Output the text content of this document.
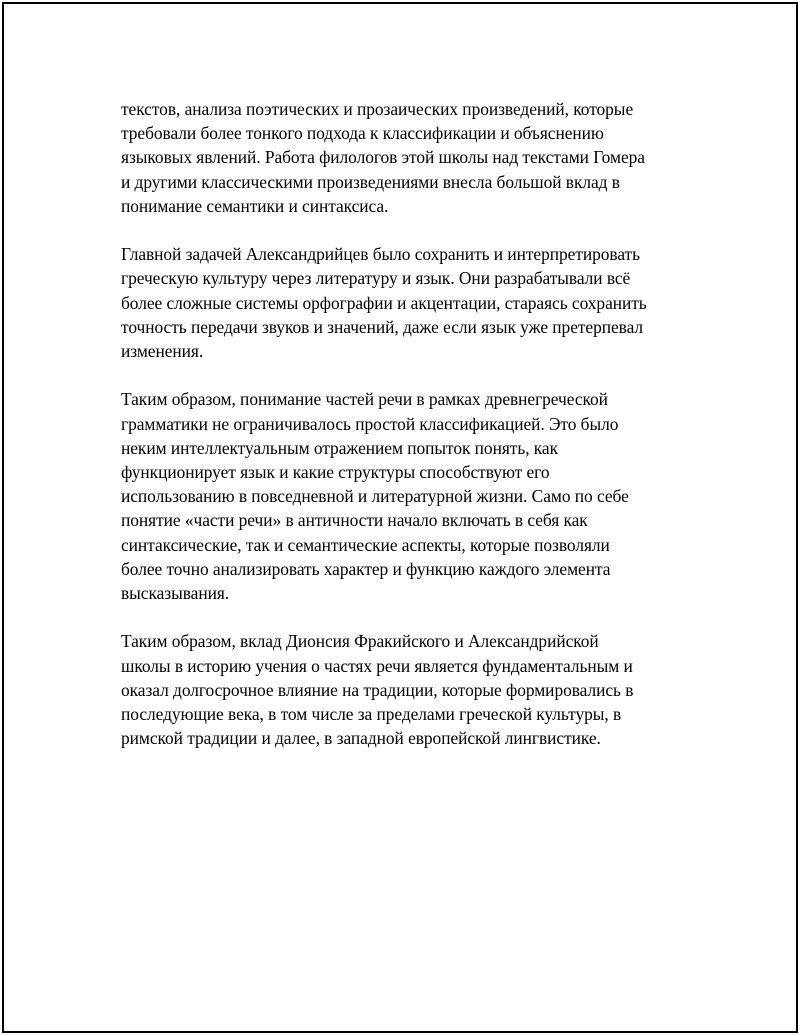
текстов, анализа поэтических и прозаических произведений, которые
требовали более тонкого подхода к классификации и объяснению
языковых явлений. Работа филологов этой школы над текстами Гомера
и другими классическими произведениями внесла большой вклад в
понимание семантики и синтаксиса.

Главной задачей Александрийцев было сохранить и интерпретировать
греческую культуру через литературу и язык. Они разрабатывали всё
более сложные системы орфографии и акцентации, стараясь сохранить
точность передачи звуков и значений, даже если язык уже претерпевал
изменения.

Таким образом, понимание частей речи в рамках древнегреческой
грамматики не ограничивалось простой классификацией. Это было
неким интеллектуальным отражением попыток понять, как
функционирует язык и какие структуры способствуют его
использованию в повседневной и литературной жизни. Само по себе
понятие «части речи» в античности начало включать в себя как
синтаксические, так и семантические аспекты, которые позволяли
более точно анализировать характер и функцию каждого элемента
высказывания.

Таким образом, вклад Дионсия Фракийского и Александрийской
школы в историю учения о частях речи является фундаментальным и
оказал долгосрочное влияние на традиции, которые формировались в
последующие века, в том числе за пределами греческой культуры, в
римской традиции и далее, в западной европейской лингвистике.
